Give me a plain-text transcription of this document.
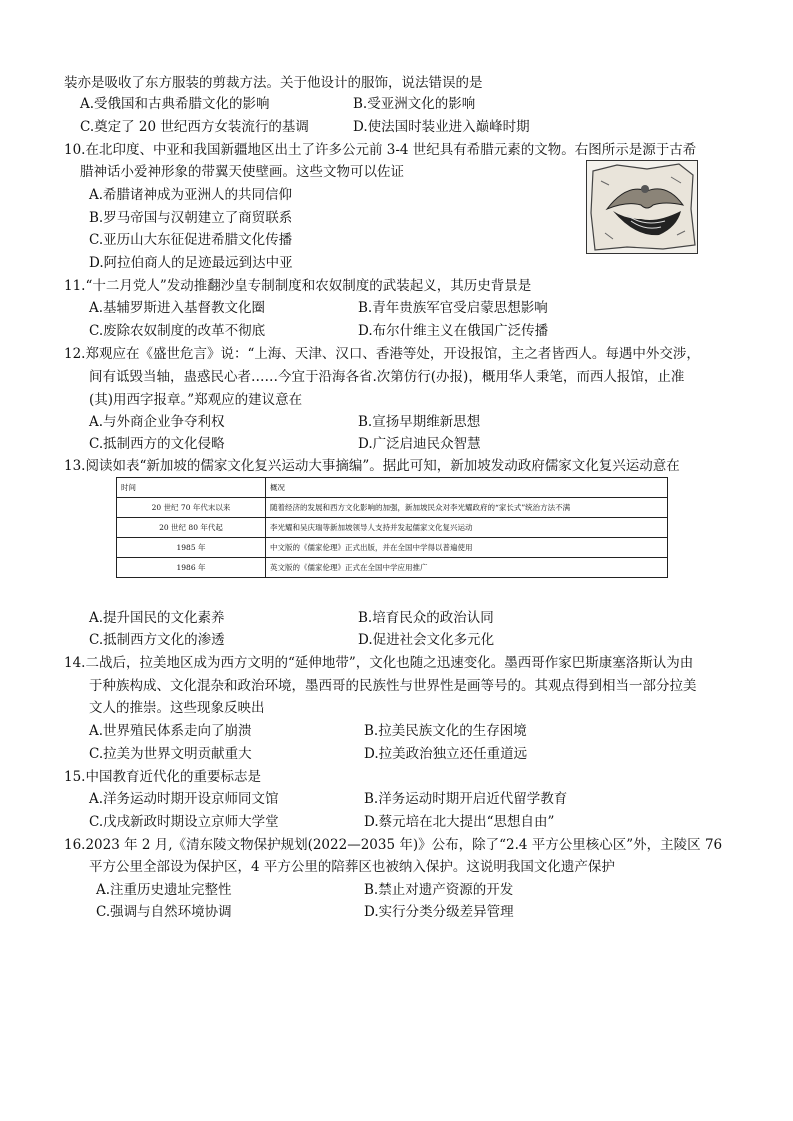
装亦是吸收了东方服装的剪裁方法。关于他设计的服饰，说法错误的是
A.受俄国和古典希腊文化的影响	B.受亚洲文化的影响
C.奠定了 20 世纪西方女装流行的基调	D.使法国时装业进入巅峰时期
10.在北印度、中亚和我国新疆地区出土了许多公元前 3-4 世纪具有希腊元素的文物。右图所示是源于古希
腊神话小爱神形象的带翼天使壁画。这些文物可以佐证
A.希腊诸神成为亚洲人的共同信仰
B.罗马帝国与汉朝建立了商贸联系
C.亚历山大东征促进希腊文化传播
D.阿拉伯商人的足迹最远到达中亚
11.“十二月党人”发动推翻沙皇专制制度和农奴制度的武装起义，其历史背景是
A.基辅罗斯进入基督教文化圈	B.青年贵族军官受启蒙思想影响
C.废除农奴制度的改革不彻底	D.布尔什维主义在俄国广泛传播
12.郑观应在《盛世危言》说：“上海、天津、汉口、香港等处，开设报馆，主之者皆西人。每遇中外交涉，
间有诋毁当轴，蛊惑民心者……今宜于沿海各省.次第仿行(办报)，概用华人秉笔，而西人报馆，止准
(其)用西字报章。”郑观应的建议意在
A.与外商企业争夺利权	B.宣扬早期维新思想
C.抵制西方的文化侵略	D.广泛启迪民众智慧
13.阅读如表“新加坡的儒家文化复兴运动大事摘编”。据此可知，新加坡发动政府儒家文化复兴运动意在
时间	概况
20 世纪 70 年代末以来	随着经济的发展和西方文化影响的加强，新加坡民众对李光耀政府的“家长式”统治方法不满
20 世纪 80 年代起	李光耀和吴庆瑞等新加坡领导人支持并发起儒家文化复兴运动
1985 年	中文版的《儒家伦理》正式出版，并在全国中学得以普遍使用
1986 年	英文版的《儒家伦理》正式在全国中学应用推广
A.提升国民的文化素养	B.培育民众的政治认同
C.抵制西方文化的渗透	D.促进社会文化多元化
14.二战后，拉美地区成为西方文明的“延伸地带”，文化也随之迅速变化。墨西哥作家巴斯康塞洛斯认为由
于种族构成、文化混杂和政治环境，墨西哥的民族性与世界性是画等号的。其观点得到相当一部分拉美
文人的推崇。这些现象反映出
A.世界殖民体系走向了崩溃	B.拉美民族文化的生存困境
C.拉美为世界文明贡献重大	D.拉美政治独立还任重道远
15.中国教育近代化的重要标志是
A.洋务运动时期开设京师同文馆	B.洋务运动时期开启近代留学教育
C.戊戌新政时期设立京师大学堂	D.蔡元培在北大提出“思想自由”
16.2023 年 2 月,《清东陵文物保护规划(2022—2035 年)》公布，除了“2.4 平方公里核心区”外，主陵区 76
平方公里全部设为保护区，4 平方公里的陪葬区也被纳入保护。这说明我国文化遗产保护
A.注重历史遗址完整性	B.禁止对遗产资源的开发
C.强调与自然环境协调	D.实行分类分级差异管理
